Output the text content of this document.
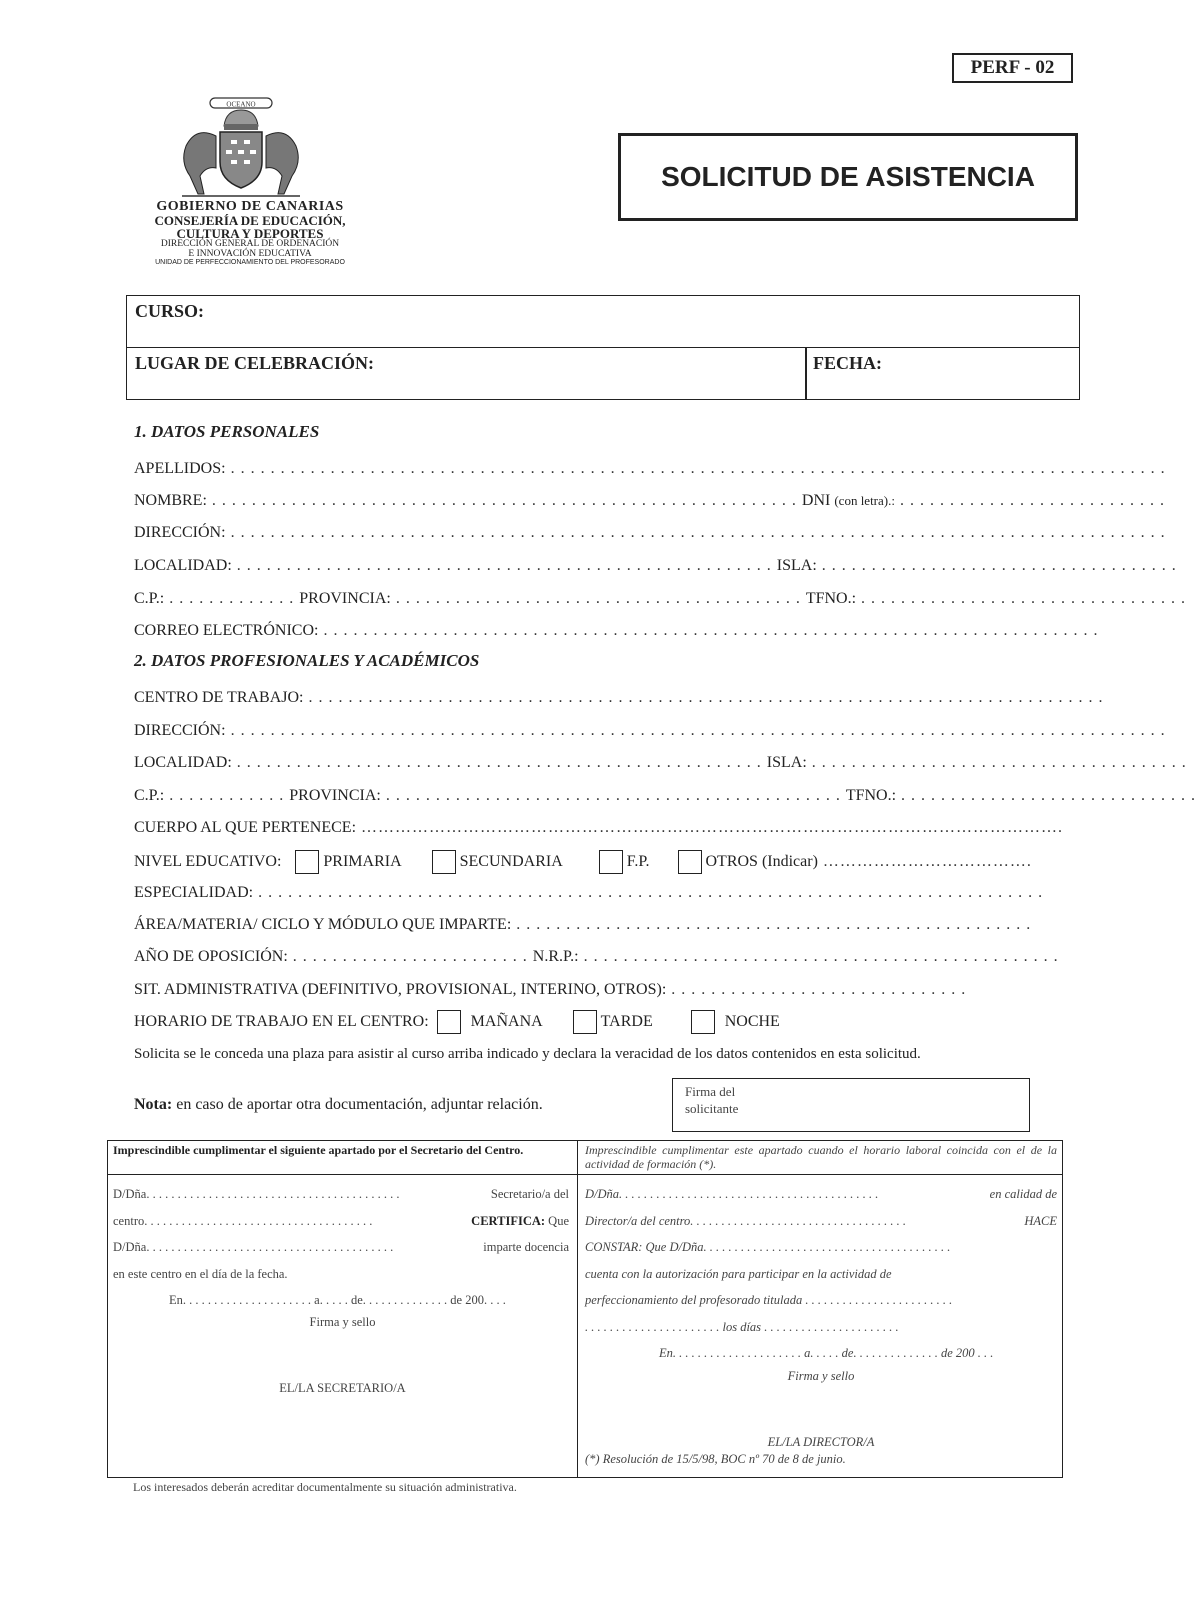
PERF - 02
OCEANO
GOBIERNO DE CANARIAS
CONSEJERÍA DE EDUCACIÓN,
CULTURA Y DEPORTES
DIRECCIÓN GENERAL DE ORDENACIÓN
E INNOVACIÓN EDUCATIVA
UNIDAD DE PERFECCIONAMIENTO DEL PROFESORADO
SOLICITUD DE ASISTENCIA
CURSO:
LUGAR DE CELEBRACIÓN:	FECHA:
1. DATOS PERSONALES
APELLIDOS: . . . . . . . . . . . . . . . . . . . . . . . . . . . . . . . . . . . . . . . . . . . . . . . . . . . . . . . . . . . . . . . . . . . . . . . . . . . . . . . . . . . . . . . . . . . . . .
NOMBRE: . . . . . . . . . . . . . . . . . . . . . . . . . . . . . . . . . . . . . . . . . . . . . . . . . . . . . . . . . . . DNI (con letra).: . . . . . . . . . . . . . . . . . . . . . . . . . . .
DIRECCIÓN: . . . . . . . . . . . . . . . . . . . . . . . . . . . . . . . . . . . . . . . . . . . . . . . . . . . . . . . . . . . . . . . . . . . . . . . . . . . . . . . . . . . . . . . . . . . . . .
LOCALIDAD: . . . . . . . . . . . . . . . . . . . . . . . . . . . . . . . . . . . . . . . . . . . . . . . . . . . . . . ISLA: . . . . . . . . . . . . . . . . . . . . . . . . . . . . . . . . . . . .
C.P.: . . . . . . . . . . . . . PROVINCIA: . . . . . . . . . . . . . . . . . . . . . . . . . . . . . . . . . . . . . . . . . TFNO.: . . . . . . . . . . . . . . . . . . . . . . . . . . . . . . . . .
CORREO ELECTRÓNICO: . . . . . . . . . . . . . . . . . . . . . . . . . . . . . . . . . . . . . . . . . . . . . . . . . . . . . . . . . . . . . . . . . . . . . . . . . . . . . .
2. DATOS PROFESIONALES Y ACADÉMICOS
CENTRO DE TRABAJO: . . . . . . . . . . . . . . . . . . . . . . . . . . . . . . . . . . . . . . . . . . . . . . . . . . . . . . . . . . . . . . . . . . . . . . . . . . . . . . . .
DIRECCIÓN: . . . . . . . . . . . . . . . . . . . . . . . . . . . . . . . . . . . . . . . . . . . . . . . . . . . . . . . . . . . . . . . . . . . . . . . . . . . . . . . . . . . . . . . . . . . . . .
LOCALIDAD: . . . . . . . . . . . . . . . . . . . . . . . . . . . . . . . . . . . . . . . . . . . . . . . . . . . . . ISLA: . . . . . . . . . . . . . . . . . . . . . . . . . . . . . . . . . . . . . .
C.P.: . . . . . . . . . . . . PROVINCIA: . . . . . . . . . . . . . . . . . . . . . . . . . . . . . . . . . . . . . . . . . . . . . . TFNO.: . . . . . . . . . . . . . . . . . . . . . . . . . . . . . .
CUERPO AL QUE PERTENECE: …………………………………………………………………………………………………………….
NIVEL EDUCATIVO:	PRIMARIA	SECUNDARIA	F.P.	OTROS (Indicar) ……………………………….
ESPECIALIDAD: . . . . . . . . . . . . . . . . . . . . . . . . . . . . . . . . . . . . . . . . . . . . . . . . . . . . . . . . . . . . . . . . . . . . . . . . . . . . . . .
ÁREA/MATERIA/ CICLO Y MÓDULO QUE IMPARTE: . . . . . . . . . . . . . . . . . . . . . . . . . . . . . . . . . . . . . . . . . . . . . . . . . . . .
AÑO DE OPOSICIÓN: . . . . . . . . . . . . . . . . . . . . . . . . N.R.P.: . . . . . . . . . . . . . . . . . . . . . . . . . . . . . . . . . . . . . . . . . . . . . . . .
SIT. ADMINISTRATIVA (DEFINITIVO, PROVISIONAL, INTERINO, OTROS): . . . . . . . . . . . . . . . . . . . . . . . . . . . . . .
HORARIO DE TRABAJO EN EL CENTRO:	MAÑANA	TARDE	NOCHE
Solicita se le conceda una plaza para asistir al curso arriba indicado y declara la veracidad de los datos contenidos en esta solicitud.
Nota: en caso de aportar otra documentación, adjuntar relación.
Firma del
solicitante
Imprescindible cumplimentar el siguiente apartado por el Secretario del Centro.	Imprescindible cumplimentar este apartado cuando el horario laboral coincida con el de la actividad de formación (*).
D/Dña. . . . . . . . . . . . . . . . . . . . . . . . . . . . . . . . . . . . . . . . .	Secretario/a del
centro. . . . . . . . . . . . . . . . . . . . . . . . . . . . . . . . . . . . .	CERTIFICA: Que
D/Dña. . . . . . . . . . . . . . . . . . . . . . . . . . . . . . . . . . . . . . . .	imparte docencia
en este centro en el día de la fecha.
En. . . . . . . . . . . . . . . . . . . . . a. . . . . de. . . . . . . . . . . . . . de 200. . . .
Firma y sello
EL/LA SECRETARIO/A
D/Dña. . . . . . . . . . . . . . . . . . . . . . . . . . . . . . . . . . . . . . . . . .	en calidad de
Director/a del centro. . . . . . . . . . . . . . . . . . . . . . . . . . . . . . . . . . .	HACE
CONSTAR: Que D/Dña. . . . . . . . . . . . . . . . . . . . . . . . . . . . . . . . . . . . . . . .
cuenta con la autorización para participar en la actividad de
perfeccionamiento del profesorado titulada . . . . . . . . . . . . . . . . . . . . . . . .
. . . . . . . . . . . . . . . . . . . . . . los días . . . . . . . . . . . . . . . . . . . . . .
En. . . . . . . . . . . . . . . . . . . . . a. . . . . de. . . . . . . . . . . . . . de 200 . . .
Firma y sello
EL/LA DIRECTOR/A
(*) Resolución de 15/5/98, BOC nº 70 de 8 de junio.
Los interesados deberán acreditar documentalmente su situación administrativa.
